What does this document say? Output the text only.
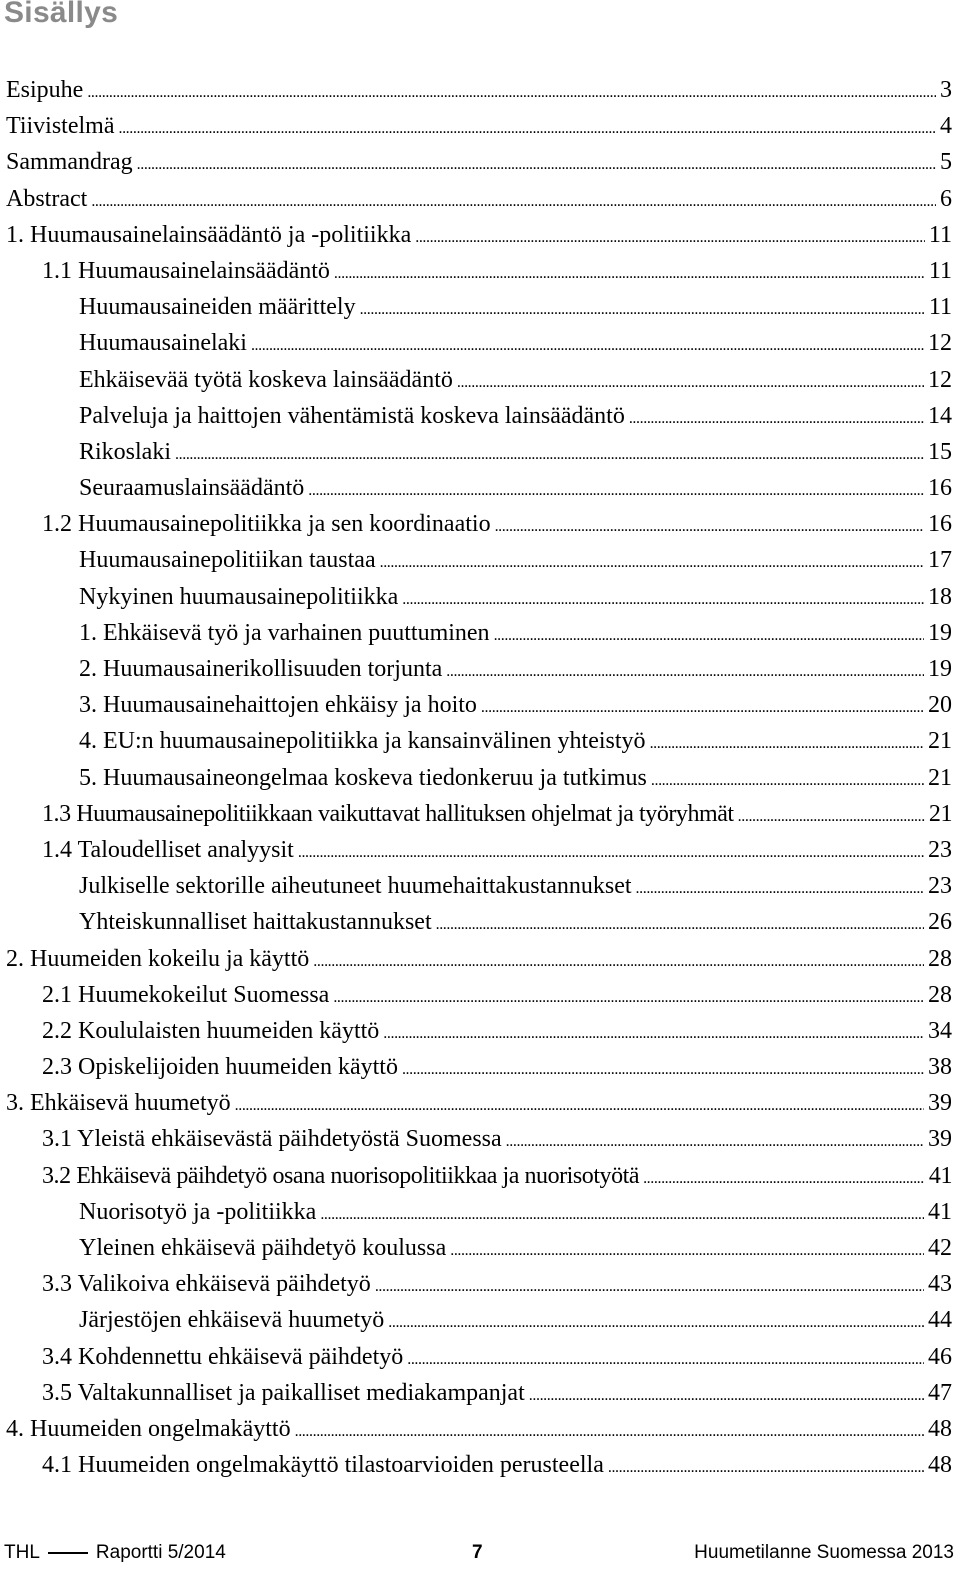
Sisällys
Esipuhe . . .	3
Tiivistelmä . . .	4
Sammandrag . . .	5
Abstract . . .	6
1. Huumausainelainsäädäntö ja -politiikka . . .	11
1.1 Huumausainelainsäädäntö . . .	11
Huumausaineiden määrittely . . .	11
Huumausainelaki . . .	12
Ehkäisevää työtä koskeva lainsäädäntö . . .	12
Palveluja ja haittojen vähentämistä koskeva lainsäädäntö . . .	14
Rikoslaki . . .	15
Seuraamuslainsäädäntö . . .	16
1.2 Huumausainepolitiikka ja sen koordinaatio . . .	16
Huumausainepolitiikan taustaa . . .	17
Nykyinen huumausainepolitiikka . . .	18
1. Ehkäisevä työ ja varhainen puuttuminen . . .	19
2. Huumausainerikollisuuden torjunta . . .	19
3. Huumausainehaittojen ehkäisy ja hoito . . .	20
4. EU:n huumausainepolitiikka ja kansainvälinen yhteistyö . . .	21
5. Huumausaineongelmaa koskeva tiedonkeruu ja tutkimus . . .	21
1.3 Huumausainepolitiikkaan vaikuttavat hallituksen ohjelmat ja työryhmät . . .	21
1.4 Taloudelliset analyysit . . .	23
Julkiselle sektorille aiheutuneet huumehaittakustannukset . . .	23
Yhteiskunnalliset haittakustannukset . . .	26
2. Huumeiden kokeilu ja käyttö . . .	28
2.1 Huumekokeilut Suomessa . . .	28
2.2 Koululaisten huumeiden käyttö . . .	34
2.3 Opiskelijoiden huumeiden käyttö . . .	38
3. Ehkäisevä huumetyö . . .	39
3.1 Yleistä ehkäisevästä päihdetyöstä Suomessa . . .	39
3.2 Ehkäisevä päihdetyö osana nuorisopolitiikkaa ja nuorisotyötä . . .	41
Nuorisotyö ja -politiikka . . .	41
Yleinen ehkäisevä päihdetyö koulussa . . .	42
3.3 Valikoiva ehkäisevä päihdetyö . . .	43
Järjestöjen ehkäisevä huumetyö . . .	44
3.4 Kohdennettu ehkäisevä päihdetyö . . .	46
3.5 Valtakunnalliset ja paikalliset mediakampanjat . . .	47
4. Huumeiden ongelmakäyttö . . .	48
4.1 Huumeiden ongelmakäyttö tilastoarvioiden perusteella . . .	48
THL	Raportti 5/2014	7	Huumetilanne Suomessa 2013
